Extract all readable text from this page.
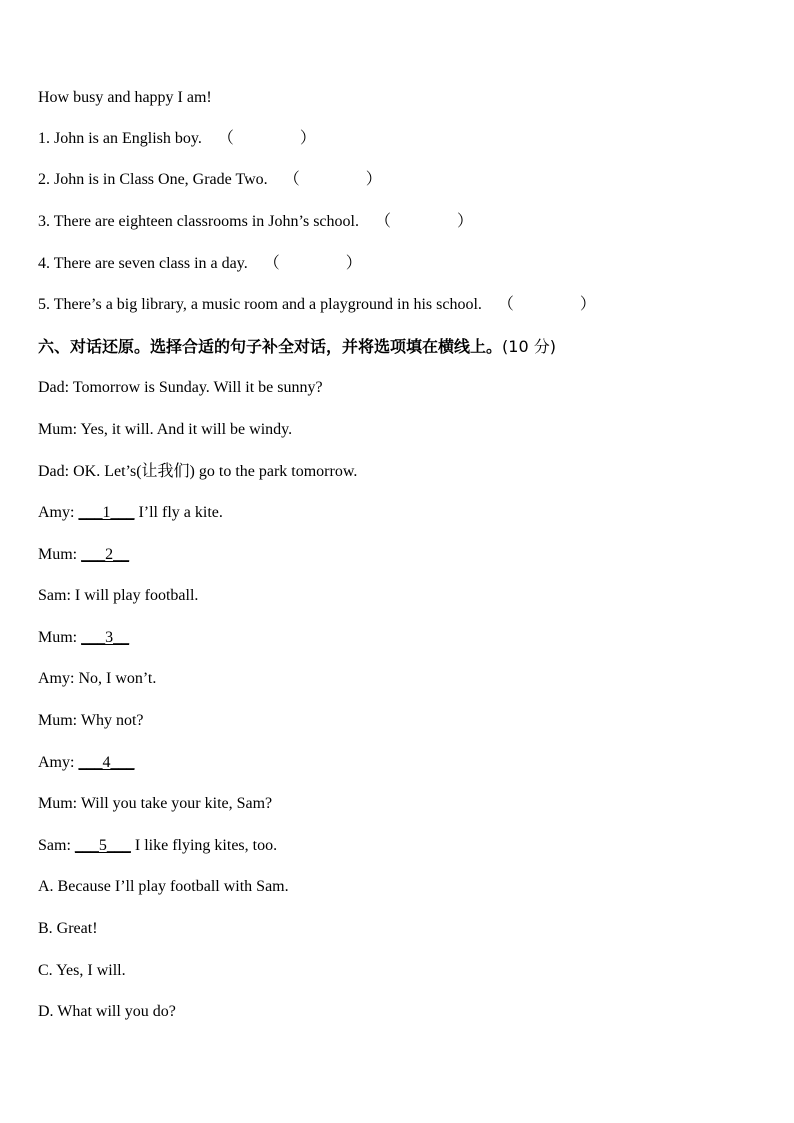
How busy and happy I am!
1. John is an English boy. （	）
2. John is in Class One, Grade Two. （	）
3. There are eighteen classrooms in John’s school. （	）
4. There are seven class in a day. （	）
5. There’s a big library, a music room and a playground in his school. （	）
六、对话还原。选择合适的句子补全对话，并将选项填在横线上。(10 分)
Dad: Tomorrow is Sunday. Will it be sunny?
Mum: Yes, it will. And it will be windy.
Dad: OK. Let’s(让我们) go to the park tomorrow.
Amy: ___1___ I’ll fly a kite.
Mum: ___2__
Sam: I will play football.
Mum: ___3__
Amy: No, I won’t.
Mum: Why not?
Amy: ___4___
Mum: Will you take your kite, Sam?
Sam: ___5___ I like flying kites, too.
A. Because I’ll play football with Sam.
B. Great!
C. Yes, I will.
D. What will you do?
